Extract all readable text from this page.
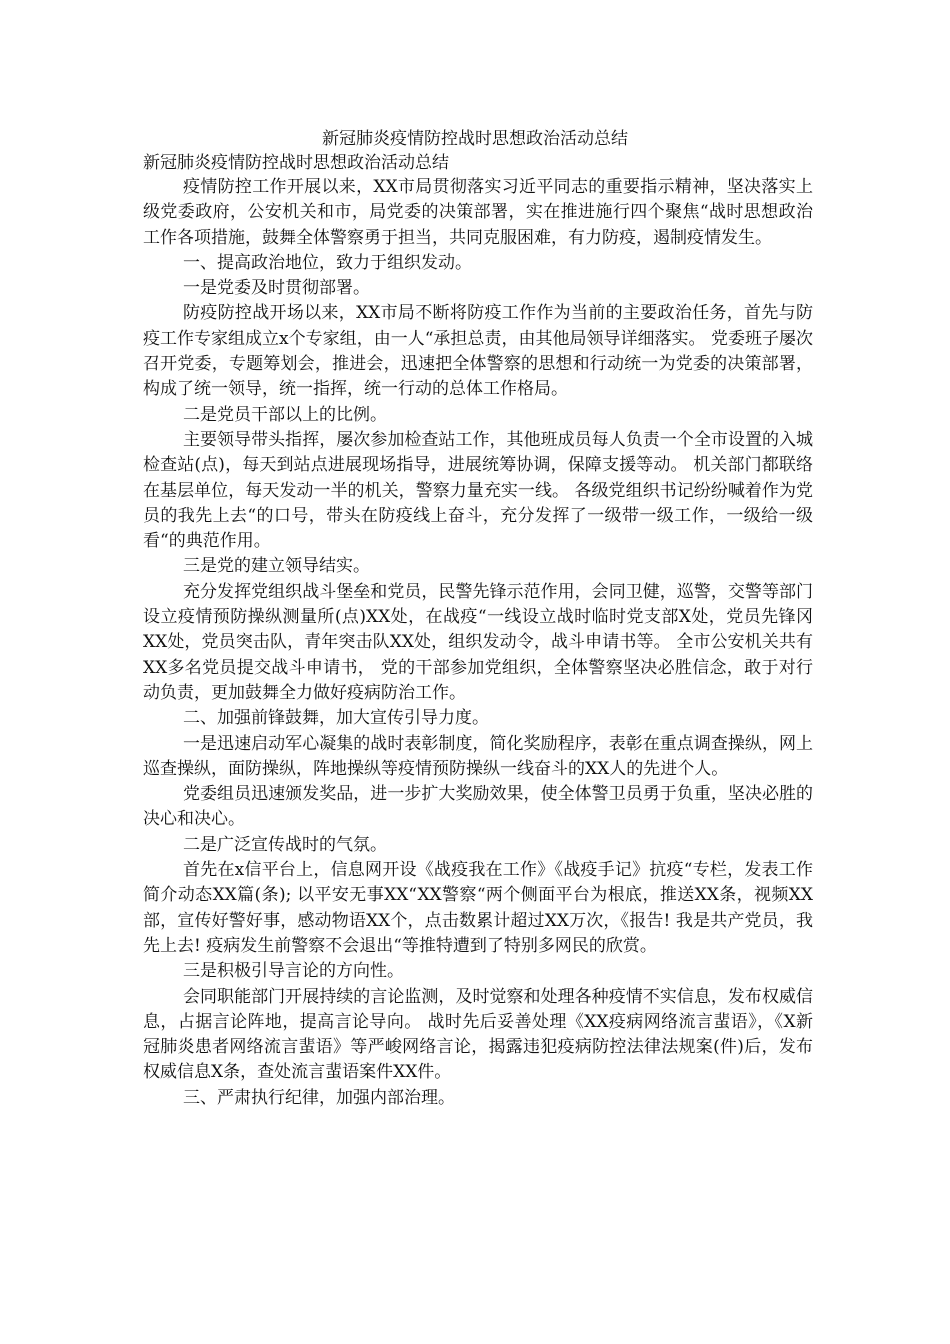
新冠肺炎疫情防控战时思想政治活动总结
新冠肺炎疫情防控战时思想政治活动总结

疫情防控工作开展以来，XX市局贯彻落实习近平同志的重要指示精神，坚决落实上级党委政府，公安机关和市，局党委的决策部署，实在推进施行四个聚焦“战时思想政治工作各项措施，鼓舞全体警察勇于担当，共同克服困难，有力防疫，遏制疫情发生。

一、提高政治地位，致力于组织发动。

一是党委及时贯彻部署。

防疫防控战开场以来，XX市局不断将防疫工作作为当前的主要政治任务，首先与防疫工作专家组成立x个专家组，由一人“承担总责，由其他局领导详细落实。 党委班子屡次召开党委，专题筹划会，推进会，迅速把全体警察的思想和行动统一为党委的决策部署，构成了统一领导，统一指挥，统一行动的总体工作格局。

二是党员干部以上的比例。

主要领导带头指挥，屡次参加检查站工作，其他班成员每人负责一个全市设置的入城检查站(点)，每天到站点进展现场指导，进展统筹协调，保障支援等动。 机关部门都联络在基层单位，每天发动一半的机关，警察力量充实一线。 各级党组织书记纷纷喊着作为党员的我先上去“的口号，带头在防疫线上奋斗，充分发挥了一级带一级工作，一级给一级看“的典范作用。

三是党的建立领导结实。

充分发挥党组织战斗堡垒和党员，民警先锋示范作用，会同卫健，巡警，交警等部门设立疫情预防操纵测量所(点)XX处，在战疫“一线设立战时临时党支部X处，党员先锋冈XX处，党员突击队，青年突击队XX处，组织发动令，战斗申请书等。 全市公安机关共有XX多名党员提交战斗申请书， 党的干部参加党组织，全体警察坚决必胜信念，敢于对行动负责，更加鼓舞全力做好疫病防治工作。

二、加强前锋鼓舞，加大宣传引导力度。

一是迅速启动军心凝集的战时表彰制度，简化奖励程序，表彰在重点调查操纵，网上巡查操纵，面防操纵，阵地操纵等疫情预防操纵一线奋斗的XX人的先进个人。

党委组员迅速颁发奖品，进一步扩大奖励效果，使全体警卫员勇于负重，坚决必胜的决心和决心。

二是广泛宣传战时的气氛。

首先在x信平台上，信息网开设《战疫我在工作》《战疫手记》抗疫“专栏，发表工作简介动态XX篇(条); 以平安无事XX“XX警察“两个侧面平台为根底，推送XX条，视频XX部，宣传好警好事，感动物语XX个，点击数累计超过XX万次，《报告! 我是共产党员，我先上去! 疫病发生前警察不会退出“等推特遭到了特别多网民的欣赏。

三是积极引导言论的方向性。

会同职能部门开展持续的言论监测，及时觉察和处理各种疫情不实信息，发布权威信息，占据言论阵地，提高言论导向。 战时先后妥善处理《XX疫病网络流言蜚语》，《X新冠肺炎患者网络流言蜚语》等严峻网络言论，揭露违犯疫病防控法律法规案(件)后，发布权威信息X条，查处流言蜚语案件XX件。

三、严肃执行纪律，加强内部治理。
